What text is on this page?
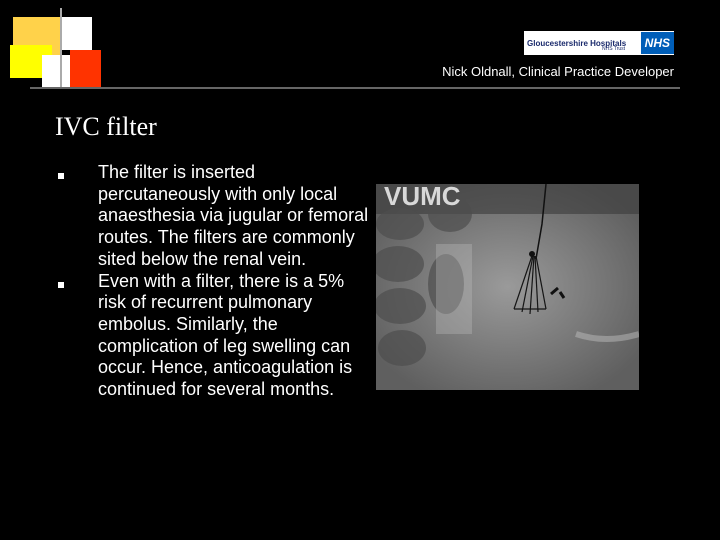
Gloucestershire Hospitals
NHS Trust	NHS
Nick Oldnall, Clinical Practice Developer
IVC filter
The filter is inserted percutaneously with only local anaesthesia via jugular or femoral routes. The filters are commonly sited below the renal vein.
Even with a filter, there is a 5% risk of recurrent pulmonary embolus. Similarly, the complication of leg swelling can occur. Hence, anticoagulation is continued for several months.
VUMC
